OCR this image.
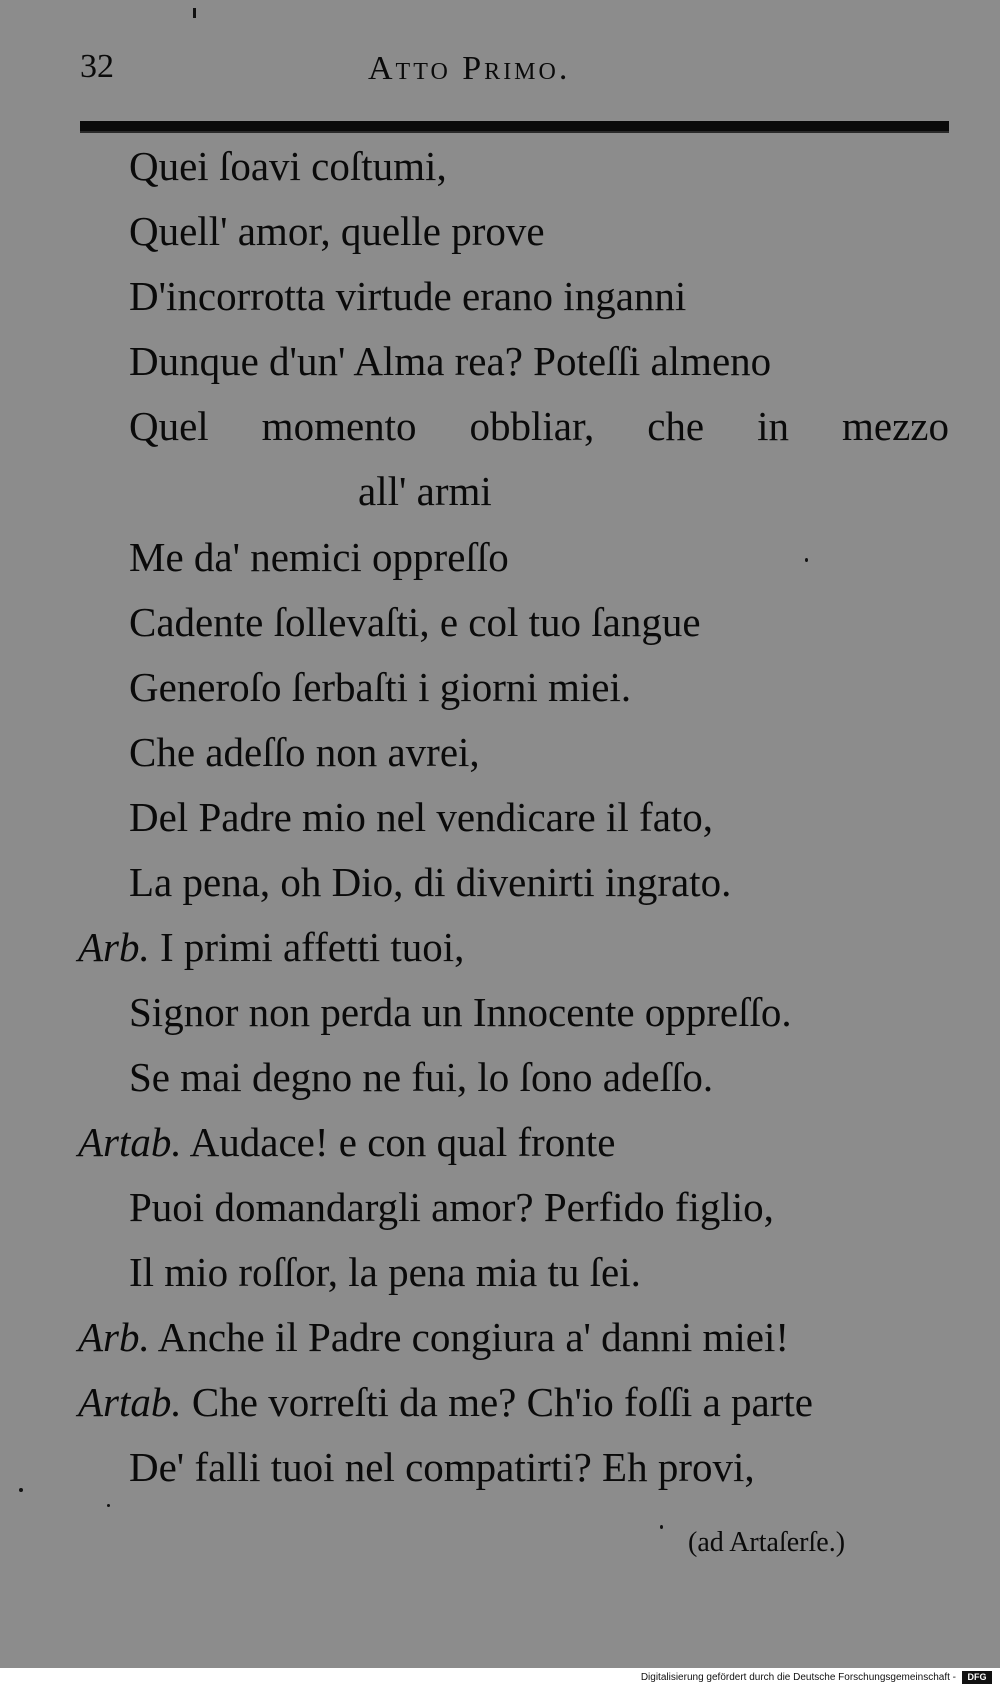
32	Atto Primo.
Quei ſoavi coſtumi,
Quell' amor, quelle prove
D'incorrotta virtude erano inganni
Dunque d'un' Alma rea? Poteſſi almeno
Quel momento obbliar, che in mezzo
all' armi
Me da' nemici oppreſſo
Cadente ſollevaſti, e col tuo ſangue
Generoſo ſerbaſti i giorni miei.
Che adeſſo non avrei,
Del Padre mio nel vendicare il fato,
La pena, oh Dio, di divenirti ingrato.
Arb. I primi affetti tuoi,
Signor non perda un Innocente oppreſſo.
Se mai degno ne fui, lo ſono adeſſo.
Artab. Audace! e con qual fronte
Puoi domandargli amor? Perfido figlio,
Il mio roſſor, la pena mia tu ſei.
Arb. Anche il Padre congiura a' danni miei!
Artab. Che vorreſti da me? Ch'io foſſi a parte
De' falli tuoi nel compatirti? Eh provi,
(ad Artaſerſe.)
Digitalisierung gefördert durch die Deutsche Forschungsgemeinschaft -	DFG
